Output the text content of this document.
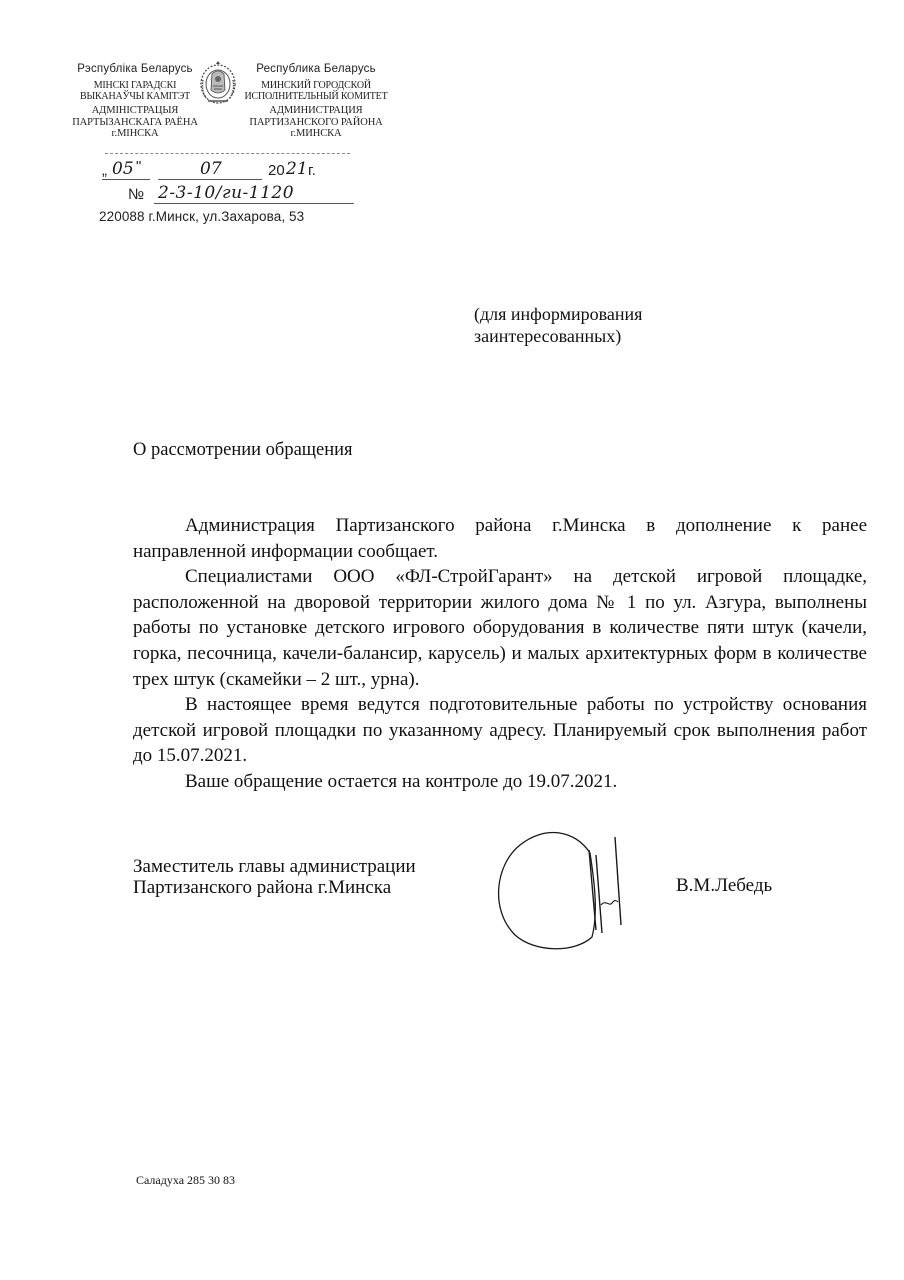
Рэспубліка Беларусь
МІНСКІ ГАРАДСКІ
ВЫКАНАЎЧЫ КАМІТЭТ
АДМІНІСТРАЦЫЯ
ПАРТЫЗАНСКАГА РАЁНА
г.МІНСКА
Республика Беларусь
МИНСКИЙ ГОРОДСКОЙ
ИСПОЛНИТЕЛЬНЫЙ КОМИТЕТ
АДМИНИСТРАЦИЯ
ПАРТИЗАНСКОГО РАЙОНА
г.МИНСКА
„ 05 "	07	20 21 г.
№ 2-3-10/ги-1120
220088 г.Минск, ул.Захарова, 53
(для информирования
заинтересованных)
О рассмотрении обращения

Администрация Партизанского района г.Минска в дополнение к ранее направленной информации сообщает.

Специалистами ООО «ФЛ-СтройГарант» на детской игровой площадке, расположенной на дворовой территории жилого дома № 1 по ул. Азгура, выполнены работы по установке детского игрового оборудования в количестве пяти штук (качели, горка, песочница, качели-балансир, карусель) и малых архитектурных форм в количестве трех штук (скамейки – 2 шт., урна).

В настоящее время ведутся подготовительные работы по устройству основания детской игровой площадки по указанному адресу. Планируемый срок выполнения работ до 15.07.2021.

Ваше обращение остается на контроле до 19.07.2021.

Заместитель главы администрации
Партизанского района г.Минска	В.М.Лебедь
Саладуха 285 30 83
